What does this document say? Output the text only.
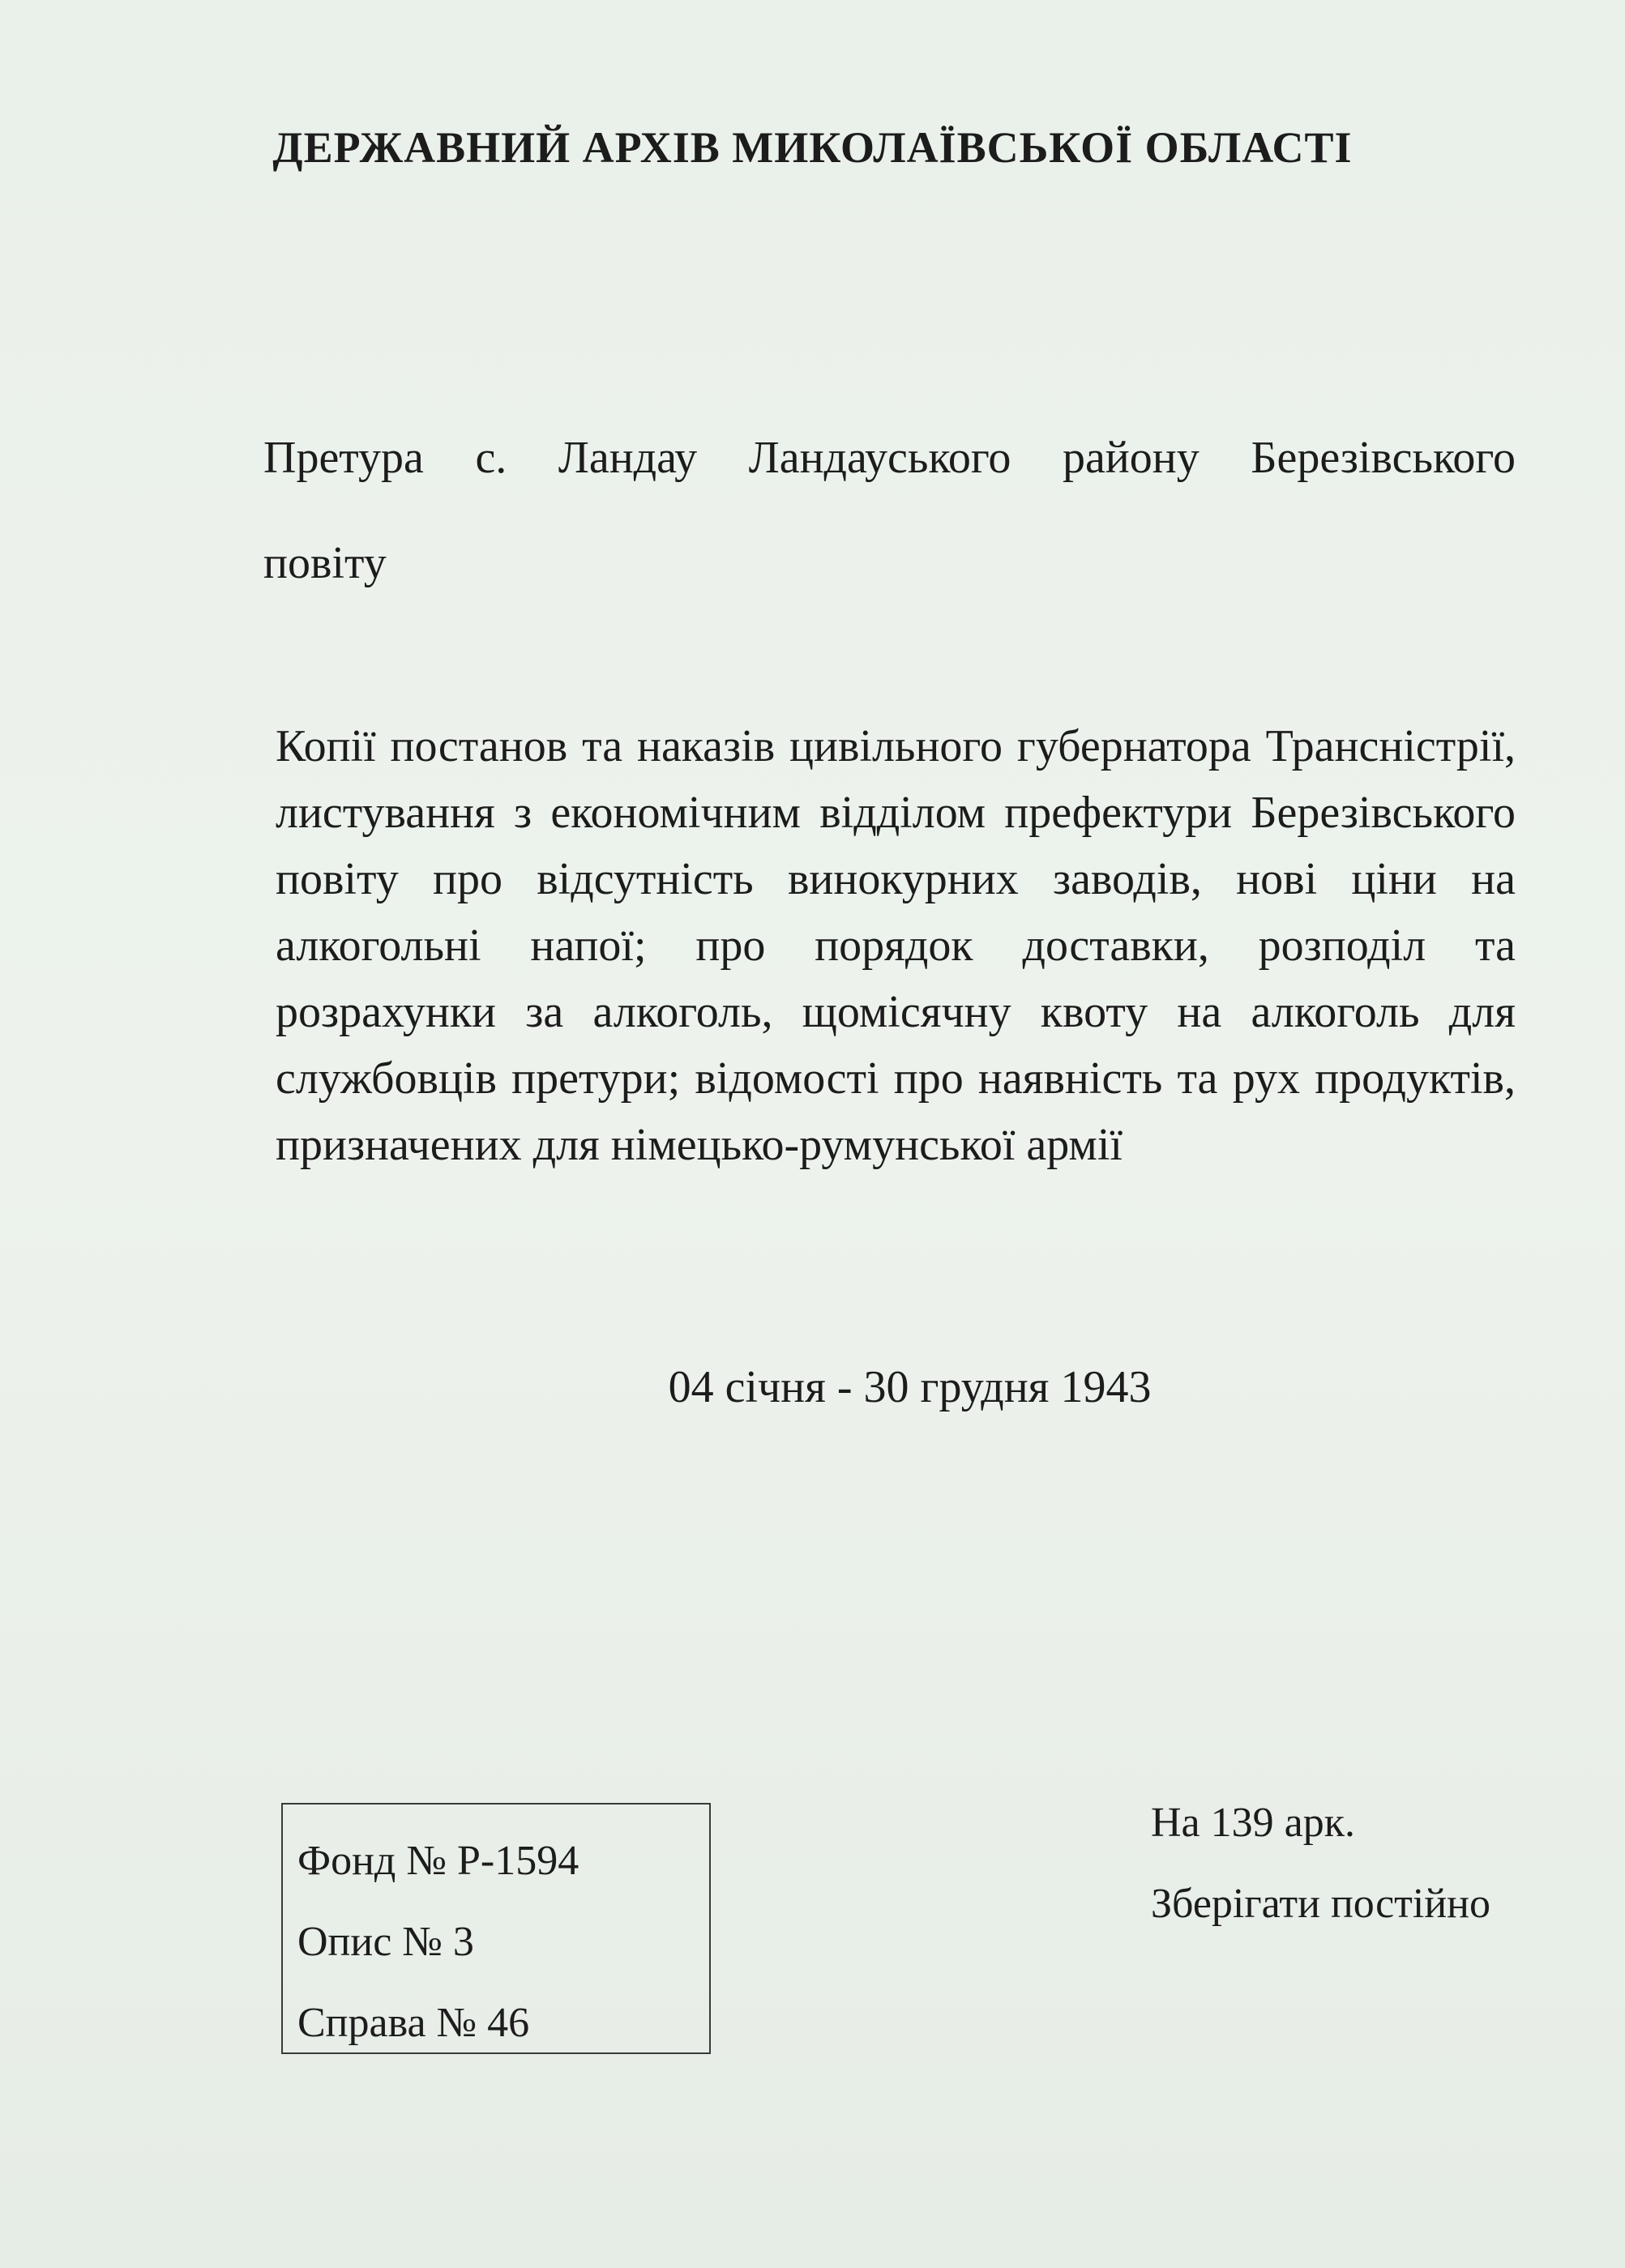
ДЕРЖАВНИЙ АРХІВ МИКОЛАЇВСЬКОЇ ОБЛАСТІ
Претура с. Ландау Ландауського району Березівського
повіту
Копії постанов та наказів цивільного губернатора Трансністрії, листування з економічним відділом префектури Березівського повіту про відсутність винокурних заводів, нові ціни на алкогольні напої; про порядок доставки, розподіл та розрахунки за алкоголь, щомісячну квоту на алкоголь для службовців претури; відомості про наявність та рух продуктів, призначених для німецько-румунської армії
04 січня - 30 грудня 1943
Фонд № Р-1594
Опис № 3
Справа № 46
На 139 арк.
Зберігати постійно
